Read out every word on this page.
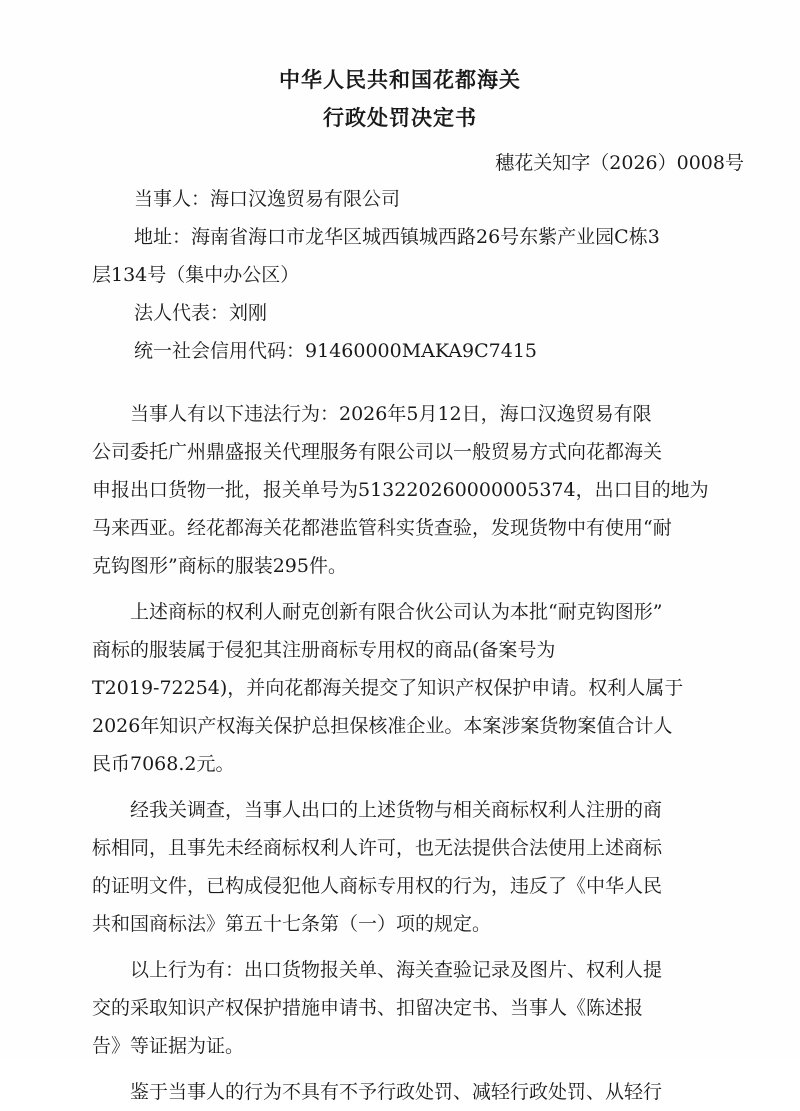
中华人民共和国花都海关
行政处罚决定书
穗花关知字（2026）0008号
当事人：海口汉逸贸易有限公司
地址：海南省海口市龙华区城西镇城西路26号东紫产业园C栋3
层134号（集中办公区）
法人代表：刘刚
统一社会信用代码：91460000MAKA9C7415
当事人有以下违法行为：2026年5月12日，海口汉逸贸易有限
公司委托广州鼎盛报关代理服务有限公司以一般贸易方式向花都海关
申报出口货物一批，报关单号为513220260000005374，出口目的地为
马来西亚。经花都海关花都港监管科实货查验，发现货物中有使用“耐
克钩图形”商标的服装295件。
上述商标的权利人耐克创新有限合伙公司认为本批“耐克钩图形”
商标的服装属于侵犯其注册商标专用权的商品(备案号为
T2019-72254)，并向花都海关提交了知识产权保护申请。权利人属于
2026年知识产权海关保护总担保核准企业。本案涉案货物案值合计人
民币7068.2元。
经我关调查，当事人出口的上述货物与相关商标权利人注册的商
标相同，且事先未经商标权利人许可，也无法提供合法使用上述商标
的证明文件，已构成侵犯他人商标专用权的行为，违反了《中华人民
共和国商标法》第五十七条第（一）项的规定。
以上行为有：出口货物报关单、海关查验记录及图片、权利人提
交的采取知识产权保护措施申请书、扣留决定书、当事人《陈述报
告》等证据为证。
鉴于当事人的行为不具有不予行政处罚、减轻行政处罚、从轻行
